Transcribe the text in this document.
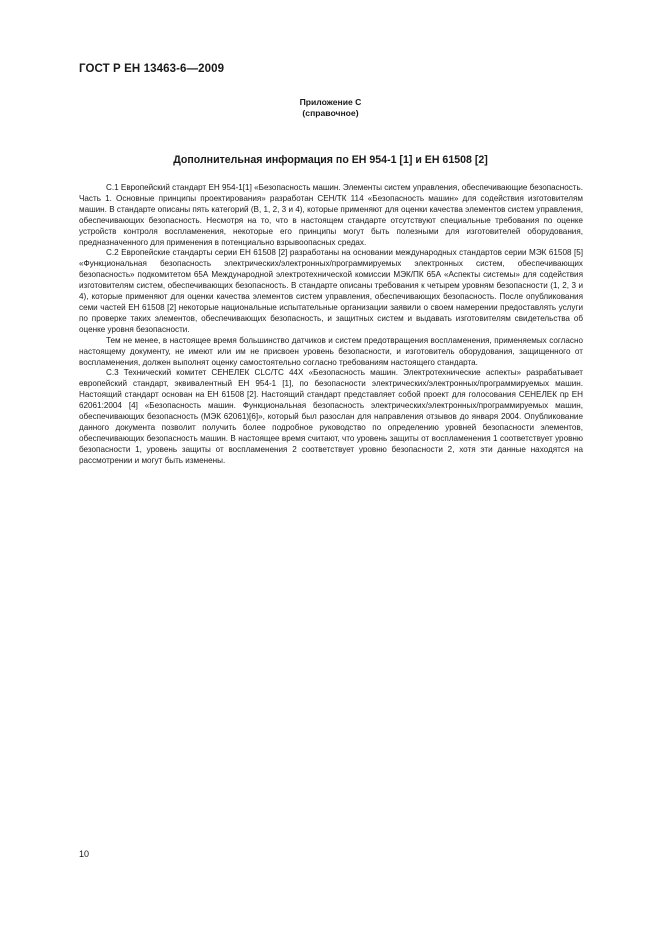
ГОСТ Р ЕН 13463-6—2009
Приложение С
(справочное)
Дополнительная информация по ЕН 954-1 [1] и ЕН 61508 [2]

С.1 Европейский стандарт ЕН 954-1[1] «Безопасность машин. Элементы систем управления, обеспечивающие безопасность. Часть 1. Основные принципы проектирования» разработан СЕН/ТК 114 «Безопасность машин» для содействия изготовителям машин. В стандарте описаны пять категорий (В, 1, 2, 3 и 4), которые применяют для оценки качества элементов систем управления, обеспечивающих безопасность. Несмотря на то, что в настоящем стандарте отсутствуют специальные требования по оценке устройств контроля воспламенения, некоторые его принципы могут быть полезными для изготовителей оборудования, предназначенного для применения в потенциально взрывоопасных средах.

С.2 Европейские стандарты серии ЕН 61508 [2] разработаны на основании международных стандартов серии МЭК 61508 [5] «Функциональная безопасность электрических/электронных/программируемых электронных систем, обеспечивающих безопасность» подкомитетом 65А Международной электротехнической комиссии МЭК/ПК 65А «Аспекты системы» для содействия изготовителям систем, обеспечивающих безопасность. В стандарте описаны требования к четырем уровням безопасности (1, 2, 3 и 4), которые применяют для оценки качества элементов систем управления, обеспечивающих безопасность. После опубликования семи частей ЕН 61508 [2] некоторые национальные испытательные организации заявили о своем намерении предоставлять услуги по проверке таких элементов, обеспечивающих безопасность, и защитных систем и выдавать изготовителям свидетельства об оценке уровня безопасности.

Тем не менее, в настоящее время большинство датчиков и систем предотвращения воспламенения, применяемых согласно настоящему документу, не имеют или им не присвоен уровень безопасности, и изготовитель оборудования, защищенного от воспламенения, должен выполнят оценку самостоятельно согласно требованиям настоящего стандарта.

С.3 Технический комитет СЕНЕЛЕК CLC/TC 44X «Безопасность машин. Электротехнические аспекты» разрабатывает европейский стандарт, эквивалентный ЕН 954-1 [1], по безопасности электрических/электронных/программируемых машин. Настоящий стандарт основан на ЕН 61508 [2]. Настоящий стандарт представляет собой проект для голосования СЕНЕЛЕК пр ЕН 62061:2004 [4] «Безопасность машин. Функциональная безопасность электрических/электронных/программируемых машин, обеспечивающих безопасность (МЭК 62061)[6]», который был разослан для направления отзывов до января 2004. Опубликование данного документа позволит получить более подробное руководство по определению уровней безопасности элементов, обеспечивающих безопасность машин. В настоящее время считают, что уровень защиты от воспламенения 1 соответствует уровню безопасности 1, уровень защиты от воспламенения 2 соответствует уровню безопасности 2, хотя эти данные находятся на рассмотрении и могут быть изменены.

10
